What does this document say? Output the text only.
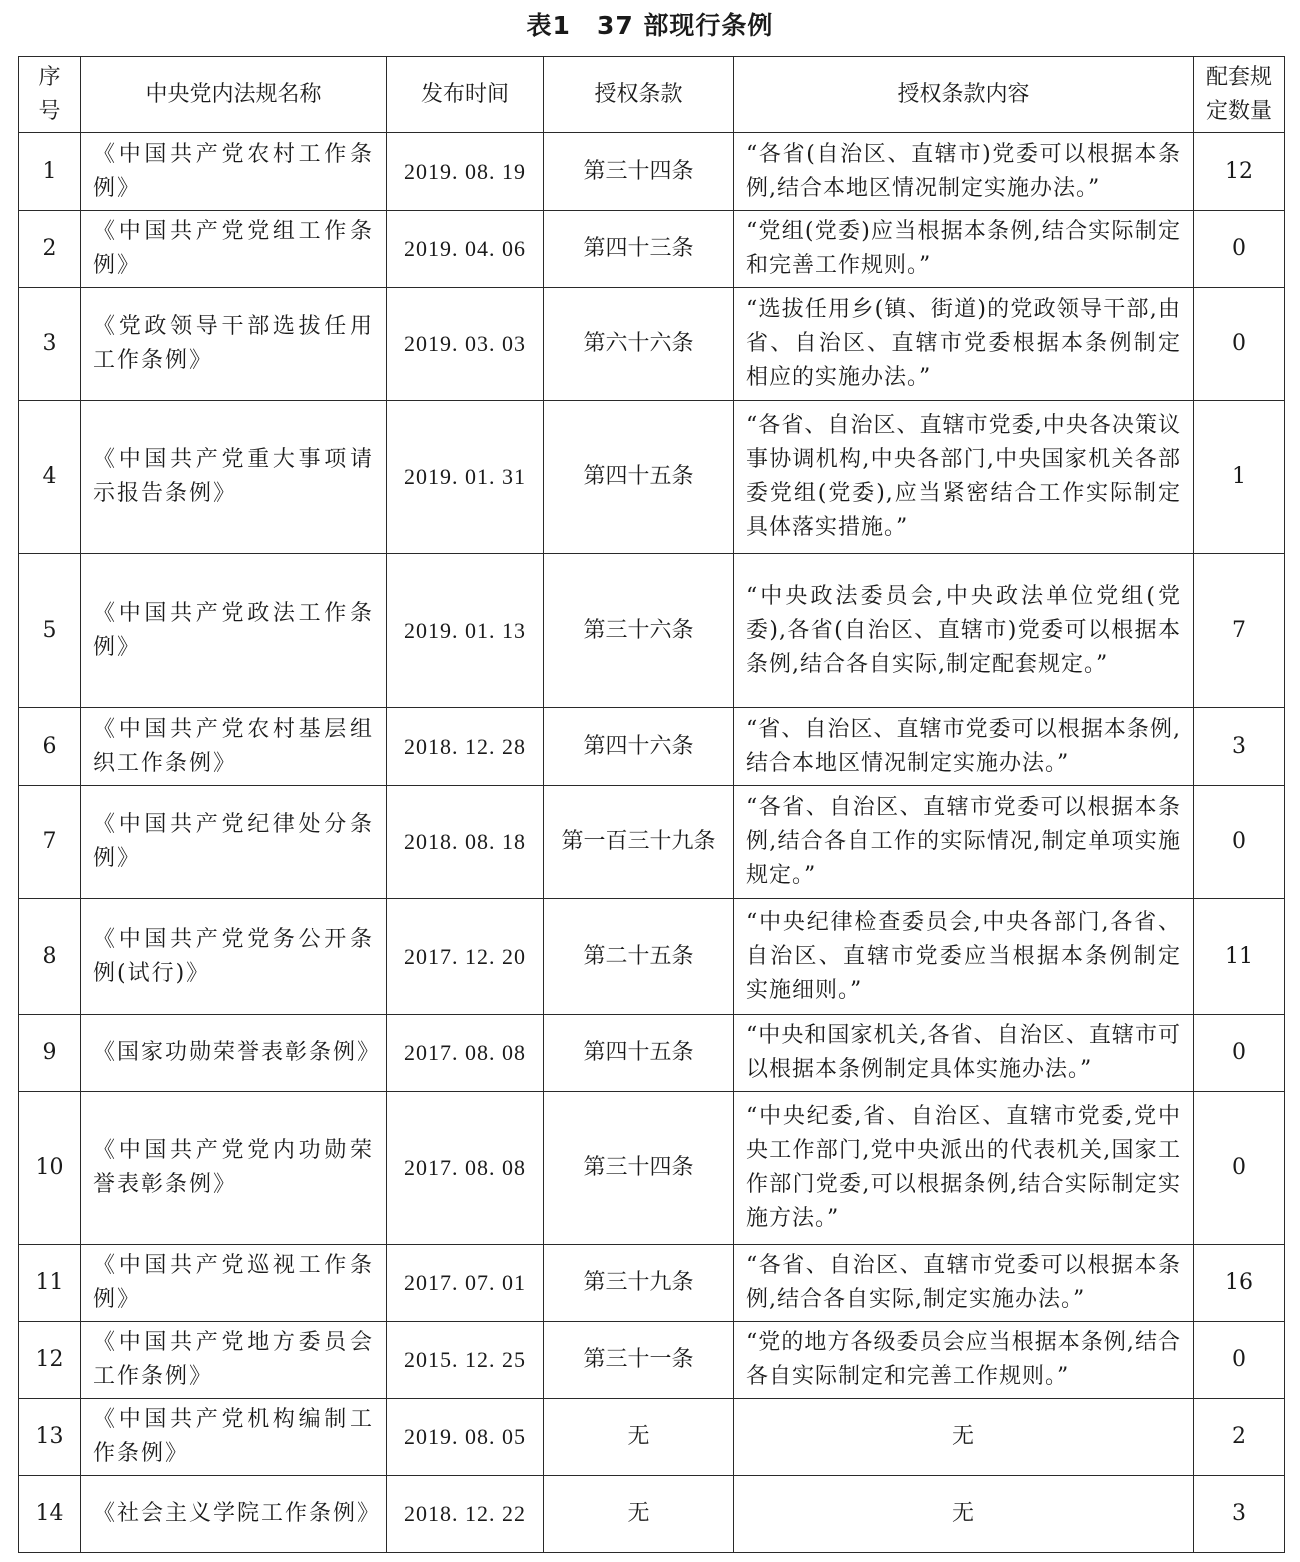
表1　37 部现行条例
序号	中央党内法规名称	发布时间	授权条款	授权条款内容	配套规定数量
1	《中国共产党农村工作条例》	2019. 08. 19	第三十四条	“各省(自治区、直辖市)党委可以根据本条例,结合本地区情况制定实施办法。”	12
2	《中国共产党党组工作条例》	2019. 04. 06	第四十三条	“党组(党委)应当根据本条例,结合实际制定和完善工作规则。”	0
3	《党政领导干部选拔任用工作条例》	2019. 03. 03	第六十六条	“选拔任用乡(镇、街道)的党政领导干部,由省、自治区、直辖市党委根据本条例制定相应的实施办法。”	0
4	《中国共产党重大事项请示报告条例》	2019. 01. 31	第四十五条	“各省、自治区、直辖市党委,中央各决策议事协调机构,中央各部门,中央国家机关各部委党组(党委),应当紧密结合工作实际制定具体落实措施。”	1
5	《中国共产党政法工作条例》	2019. 01. 13	第三十六条	“中央政法委员会,中央政法单位党组(党委),各省(自治区、直辖市)党委可以根据本条例,结合各自实际,制定配套规定。”	7
6	《中国共产党农村基层组织工作条例》	2018. 12. 28	第四十六条	“省、自治区、直辖市党委可以根据本条例,结合本地区情况制定实施办法。”	3
7	《中国共产党纪律处分条例》	2018. 08. 18	第一百三十九条	“各省、自治区、直辖市党委可以根据本条例,结合各自工作的实际情况,制定单项实施规定。”	0
8	《中国共产党党务公开条例(试行)》	2017. 12. 20	第二十五条	“中央纪律检查委员会,中央各部门,各省、自治区、直辖市党委应当根据本条例制定实施细则。”	11
9	《国家功勋荣誉表彰条例》	2017. 08. 08	第四十五条	“中央和国家机关,各省、自治区、直辖市可以根据本条例制定具体实施办法。”	0
10	《中国共产党党内功勋荣誉表彰条例》	2017. 08. 08	第三十四条	“中央纪委,省、自治区、直辖市党委,党中央工作部门,党中央派出的代表机关,国家工作部门党委,可以根据条例,结合实际制定实施方法。”	0
11	《中国共产党巡视工作条例》	2017. 07. 01	第三十九条	“各省、自治区、直辖市党委可以根据本条例,结合各自实际,制定实施办法。”	16
12	《中国共产党地方委员会工作条例》	2015. 12. 25	第三十一条	“党的地方各级委员会应当根据本条例,结合各自实际制定和完善工作规则。”	0
13	《中国共产党机构编制工作条例》	2019. 08. 05	无	无	2
14	《社会主义学院工作条例》	2018. 12. 22	无	无	3
